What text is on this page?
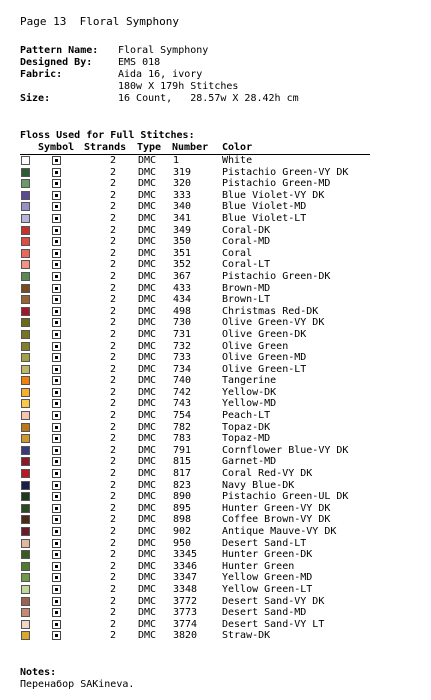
Page 13  Floral Symphony
Pattern Name:	Floral Symphony
Designed By:	EMS 018
Fabric:	Aida 16, ivory
180w X 179h Stitches
Size:	16 Count,   28.57w X 28.42h cm
Floss Used for Full Stitches:
Symbol Strands Type Number Color
2 DMC 1	White
2 DMC 319	Pistachio Green-VY DK
2 DMC 320	Pistachio Green-MD
2 DMC 333	Blue Violet-VY DK
2 DMC 340	Blue Violet-MD
2 DMC 341	Blue Violet-LT
2 DMC 349	Coral-DK
2 DMC 350	Coral-MD
2 DMC 351	Coral
2 DMC 352	Coral-LT
2 DMC 367	Pistachio Green-DK
2 DMC 433	Brown-MD
2 DMC 434	Brown-LT
2 DMC 498	Christmas Red-DK
2 DMC 730	Olive Green-VY DK
2 DMC 731	Olive Green-DK
2 DMC 732	Olive Green
2 DMC 733	Olive Green-MD
2 DMC 734	Olive Green-LT
2 DMC 740	Tangerine
2 DMC 742	Yellow-DK
2 DMC 743	Yellow-MD
2 DMC 754	Peach-LT
2 DMC 782	Topaz-DK
2 DMC 783	Topaz-MD
2 DMC 791	Cornflower Blue-VY DK
2 DMC 815	Garnet-MD
2 DMC 817	Coral Red-VY DK
2 DMC 823	Navy Blue-DK
2 DMC 890	Pistachio Green-UL DK
2 DMC 895	Hunter Green-VY DK
2 DMC 898	Coffee Brown-VY DK
2 DMC 902	Antique Mauve-VY DK
2 DMC 950	Desert Sand-LT
2 DMC 3345 Hunter Green-DK
2 DMC 3346 Hunter Green
2 DMC 3347 Yellow Green-MD
2 DMC 3348 Yellow Green-LT
2 DMC 3772 Desert Sand-VY DK
2 DMC 3773 Desert Sand-MD
2 DMC 3774 Desert Sand-VY LT
2 DMC 3820 Straw-DK
Notes:
Перенабор SAKineva.
